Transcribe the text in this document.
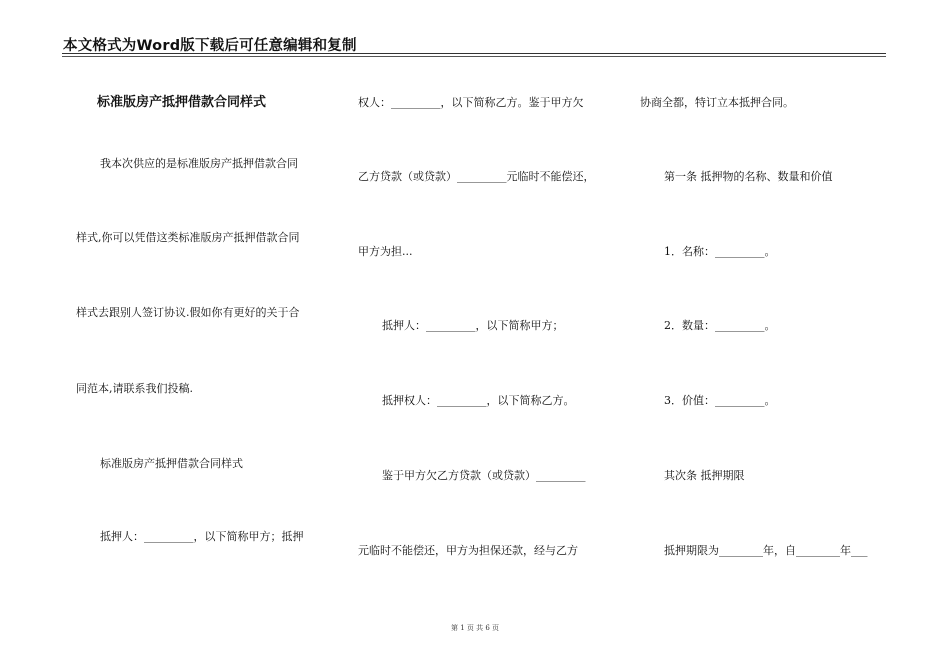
本文格式为Word版下载后可任意编辑和复制
标准版房产抵押借款合同样式
我本次供应的是标准版房产抵押借款合同
样式,你可以凭借这类标准版房产抵押借款合同
样式去跟别人签订协议.假如你有更好的关于合
同范本,请联系我们投稿.
标准版房产抵押借款合同样式
抵押人：_________，以下简称甲方；抵押
权人：_________，以下简称乙方。鉴于甲方欠
乙方贷款（或贷款）_________元临时不能偿还，
甲方为担...
抵押人：_________，以下简称甲方；
抵押权人：_________，以下简称乙方。
鉴于甲方欠乙方贷款（或贷款）_________
元临时不能偿还，甲方为担保还款，经与乙方
协商全都，特订立本抵押合同。
第一条 抵押物的名称、数量和价值
1．名称：_________。
2．数量：_________。
3．价值：_________。
其次条 抵押期限
抵押期限为________年，自________年___
第 1 页 共 6 页
